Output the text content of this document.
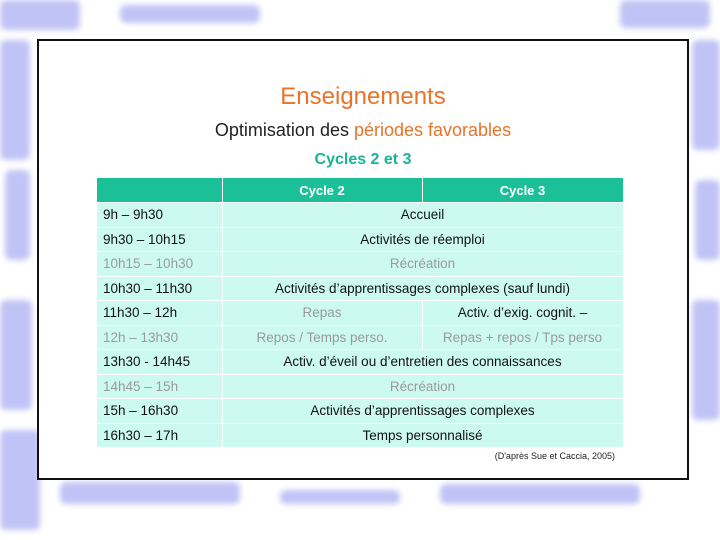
Enseignements
Optimisation des périodes favorables
Cycles 2 et 3
	Cycle 2	Cycle 3
9h – 9h30	Accueil	
9h30 – 10h15	Activités de réemploi	
10h15 – 10h30	Récréation	
10h30 – 11h30	Activités d’apprentissages complexes (sauf lundi)	
11h30 – 12h	Repas	Activ. d’exig. cognit. –
12h – 13h30	Repos / Temps perso.	Repas + repos / Tps perso
13h30 - 14h45	Activ. d’éveil ou d’entretien des connaissances	
14h45 – 15h	Récréation	
15h – 16h30	Activités d’apprentissages complexes	
16h30 – 17h	Temps personnalisé	
(D'après Sue et Caccia, 2005)
